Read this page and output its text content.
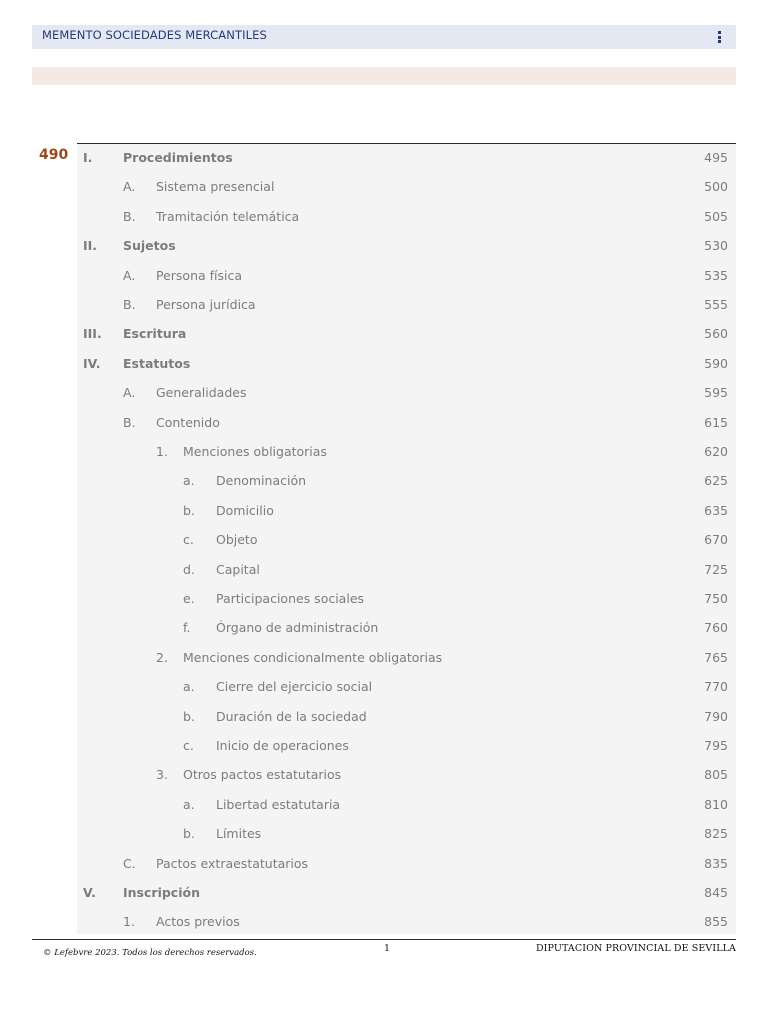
MEMENTO SOCIEDADES MERCANTILES
490 I. Procedimientos	495
A. Sistema presencial	500
B. Tramitación telemática	505
II. Sujetos	530
A. Persona física	535
B. Persona jurídica	555
III. Escritura	560
IV. Estatutos	590
A. Generalidades	595
B. Contenido	615
1. Menciones obligatorias	620
a. Denominación	625
b. Domicilio	635
c. Objeto	670
d. Capital	725
e. Participaciones sociales	750
f. Órgano de administración	760
2. Menciones condicionalmente obligatorias	765
a. Cierre del ejercicio social	770
b. Duración de la sociedad	790
c. Inicio de operaciones	795
3. Otros pactos estatutarios	805
a. Libertad estatutaria	810
b. Límites	825
C. Pactos extraestatutarios	835
V. Inscripción	845
1. Actos previos	855
© Lefebvre 2023. Todos los derechos reservados.	1	DIPUTACION PROVINCIAL DE SEVILLA
